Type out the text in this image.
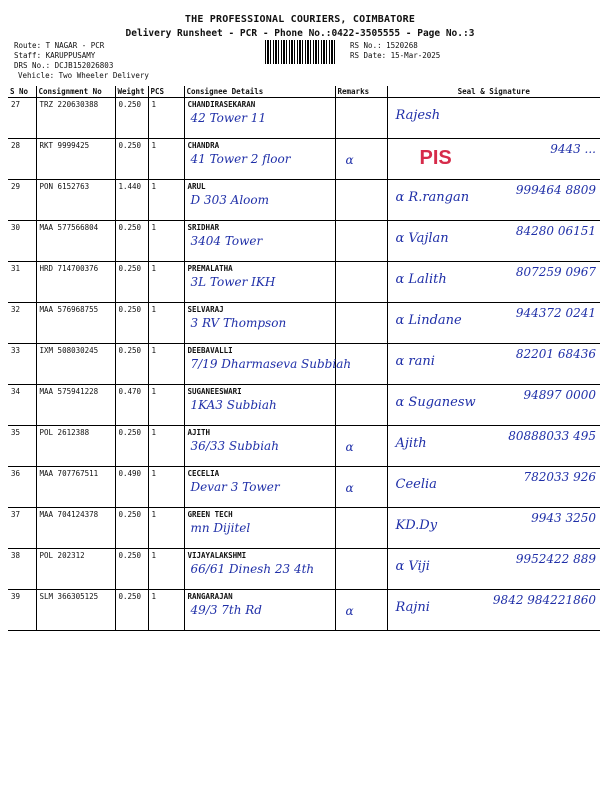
THE PROFESSIONAL COURIERS, COIMBATORE
Delivery Runsheet - PCR - Phone No.:0422-3505555 - Page No.:3
Route: T NAGAR - PCR
Staff: KARUPPUSAMY
DRS No.: DCJB152026803
Vehicle: Two Wheeler Delivery
RS No.: 1520268
RS Date: 15-Mar-2025
S No	Consignment No	Weight	PCS	Consignee Details	Remarks	Seal & Signature
27	TRZ 220630388	0.250	1	CHANDIRASEKARAN
42 Tower 11		Rajesh

28	RKT 9999425	0.250	1	CHANDRA
41 Tower 2 floor	α	9443 ...
PIS

29	PON 6152763	1.440	1	ARUL
D 303 Aloom		α R.rangan 999464 8809

30	MAA 577566804	0.250	1	SRIDHAR
3404 Tower		α Vajlan 84280 06151

31	HRD 714700376	0.250	1	PREMALATHA
3L Tower IKH		α Lalith 807259 0967

32	MAA 576968755	0.250	1	SELVARAJ
3 RV Thompson		α Lindane 944372 0241

33	IXM 508030245	0.250	1	DEEBAVALLI
7/19 Dharmaseva Subbiah		α rani 82201 68436

34	MAA 575941228	0.470	1	SUGANEESWARI
1KA3 Subbiah		α Suganesw 94897 0000

35	POL 2612388	0.250	1	AJITH
36/33 Subbiah	α	Ajith 80888033 495

36	MAA 707767511	0.490	1	CECELIA
Devar 3 Tower	α	Ceelia 782033 926

37	MAA 704124378	0.250	1	GREEN TECH
mn Dijitel		KD.Dy 9943 3250

38	POL 202312	0.250	1	VIJAYALAKSHMI
66/61 Dinesh 23 4th		α Viji 9952422 889

39	SLM 366305125	0.250	1	RANGARAJAN
49/3 7th Rd	α	Rajni 9842 984221860
